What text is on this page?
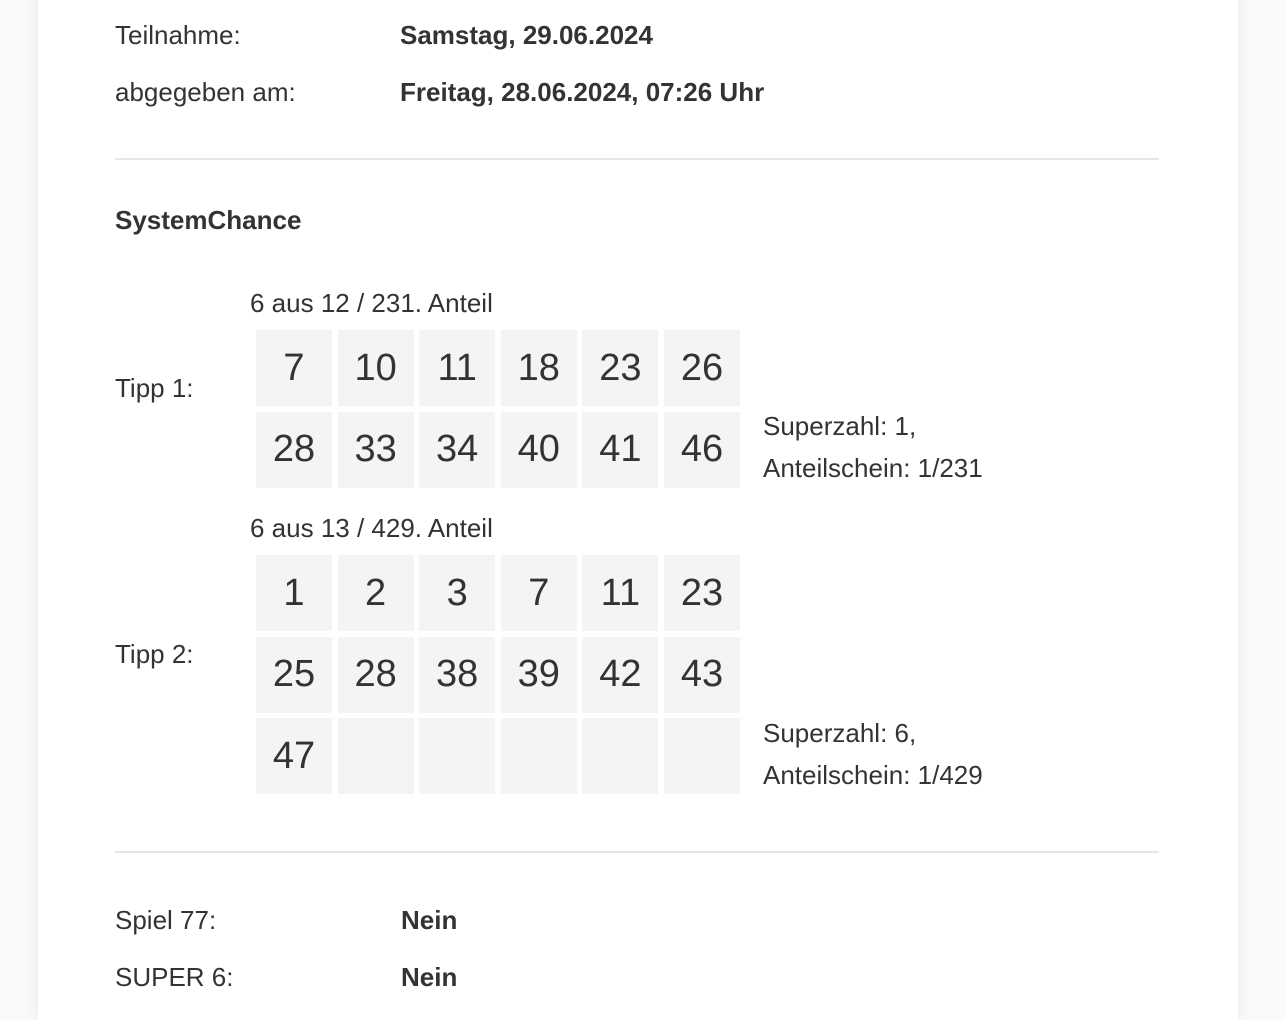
Teilnahme:	Samstag, 29.06.2024
abgegeben am:	Freitag, 28.06.2024, 07:26 Uhr
SystemChance
6 aus 12 / 231. Anteil
Tipp 1:	7	10	11	18	23	26
28	33	34	40	41	46
Superzahl: 1,
Anteilschein: 1/231
6 aus 13 / 429. Anteil
Tipp 2:
1	2	3	7	11	23
25	28	38	39	42	43
47
Superzahl: 6,
Anteilschein: 1/429
Spiel 77:	Nein
SUPER 6:	Nein
